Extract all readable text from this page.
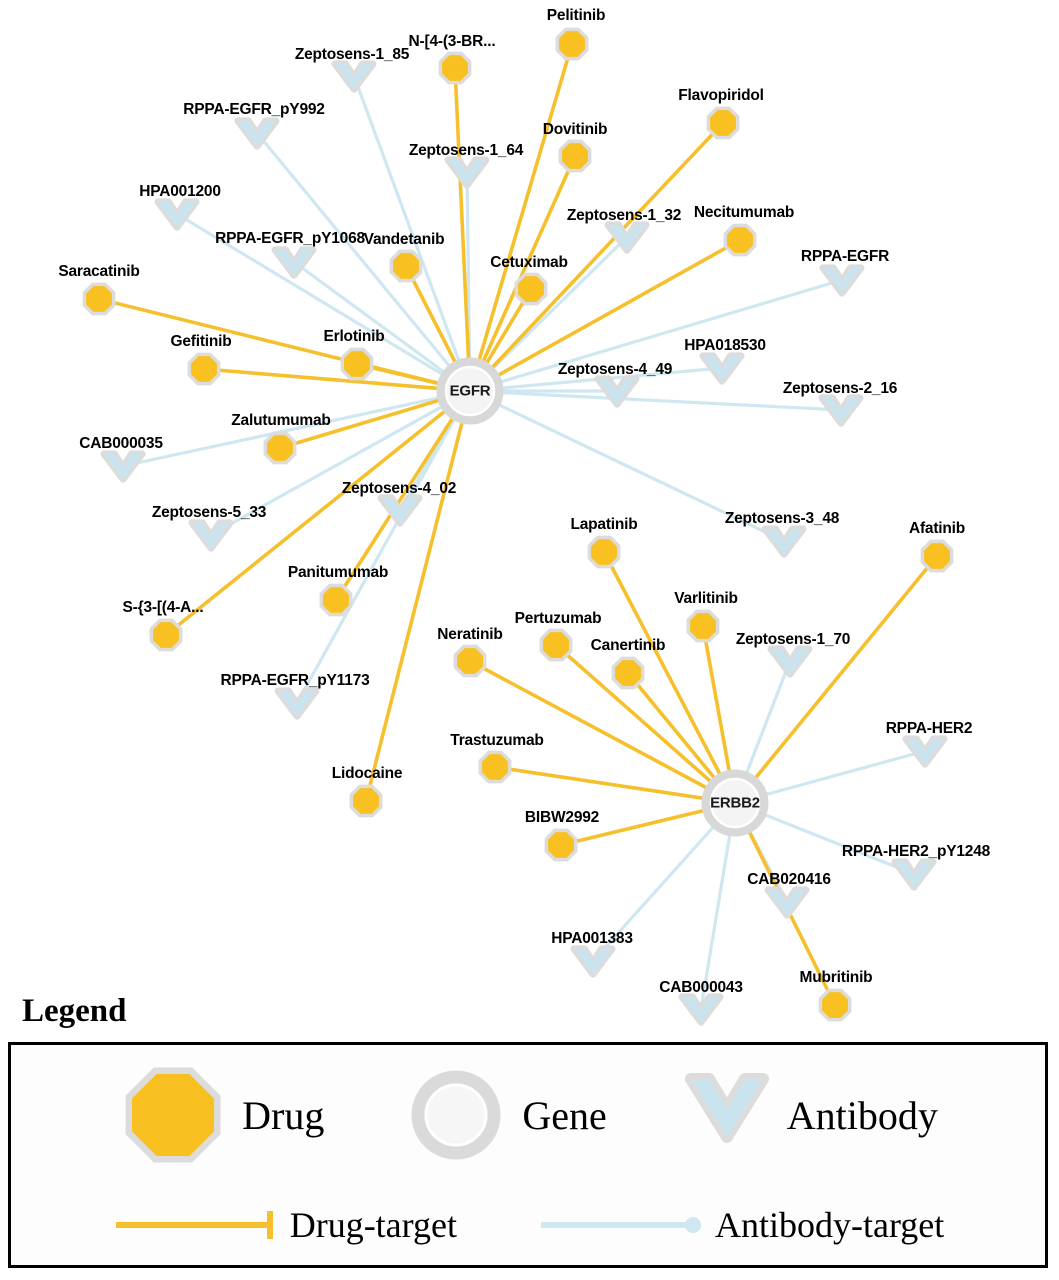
Zeptosens-1_85
RPPA-EGFR_pY992
Zeptosens-1_64
HPA001200
Zeptosens-1_32
RPPA-EGFR_pY1068
RPPA-EGFR
HPA018530
Zeptosens-4_49
Zeptosens-2_16
CAB000035
Zeptosens-4_02
Zeptosens-5_33	Zeptosens-3_48
Zeptosens-1_70
RPPA-EGFR_pY1173
RPPA-HER2
RPPA-HER2_pY1248
CAB020416
HPA001383
CAB000043
Pelitinib
N-[4-(3-BR...
Flavopiridol
Dovitinib
Necitumumab
Vandetanib
Cetuximab
Saracatinib
Erlotinib
Gefitinib
Zalutumumab
Afatinib
Lapatinib
Varlitinib
Panitumumab
S-{3-[(4-A...
Pertuzumab
Neratinib
Canertinib
Trastuzumab
Lidocaine
BIBW2992
Mubritinib
EGFR
ERBB2
Legend
Drug	Gene	Antibody
Drug-target	Antibody-target
